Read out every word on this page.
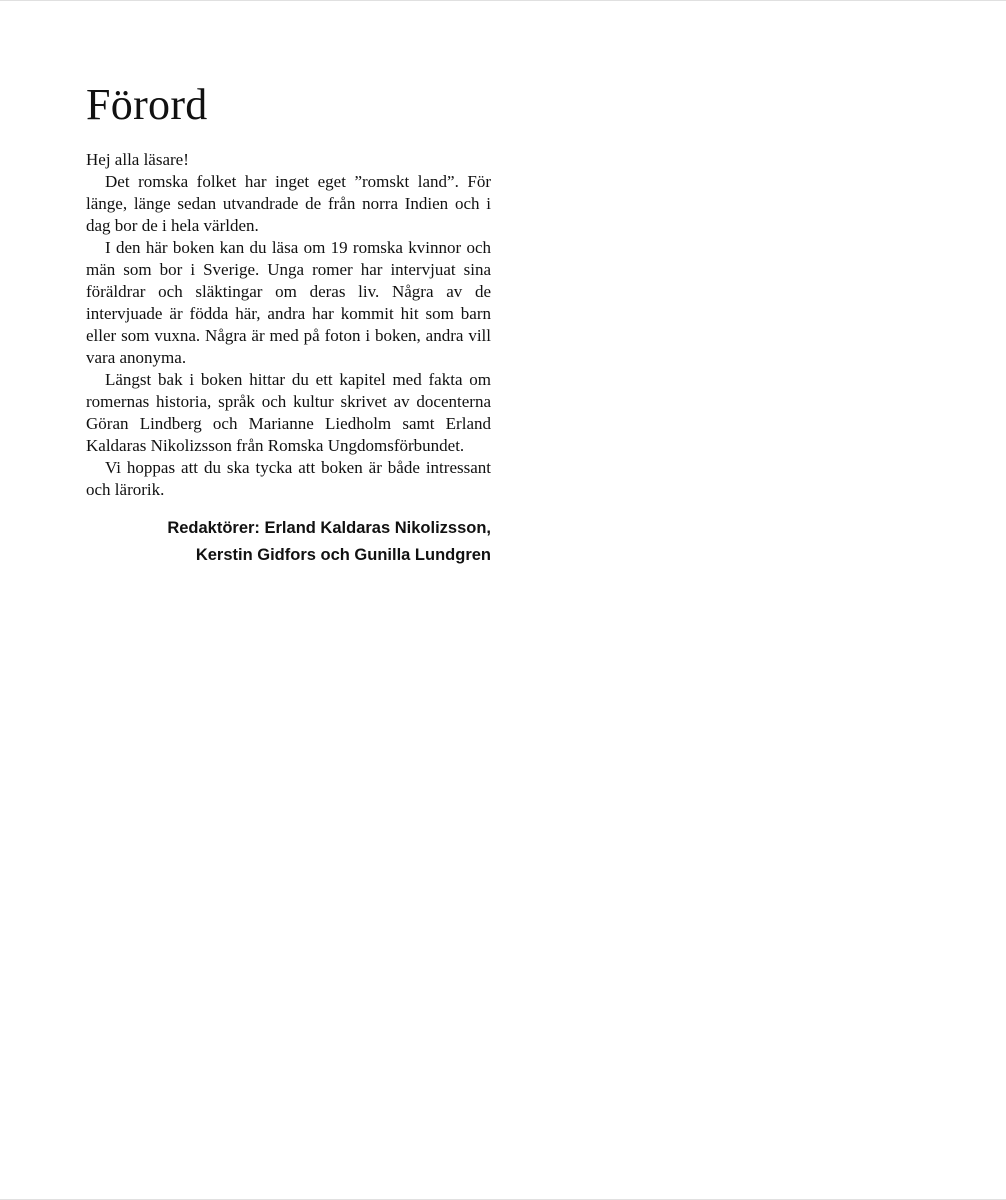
Förord

Hej alla läsare!

Det romska folket har inget eget ”romskt land”. För länge, länge sedan utvandrade de från norra Indien och i dag bor de i hela världen.

I den här boken kan du läsa om 19 romska kvinnor och män som bor i Sverige. Unga romer har intervjuat sina föräldrar och släktingar om deras liv. Några av de intervjuade är födda här, andra har kommit hit som barn eller som vuxna. Några är med på foton i boken, andra vill vara anonyma.

Längst bak i boken hittar du ett kapitel med fakta om romernas historia, språk och kultur skrivet av docenterna Göran Lindberg och Marianne Liedholm samt Erland Kaldaras Nikolizsson från Romska Ungdomsförbundet.

Vi hoppas att du ska tycka att boken är både intressant och lärorik.

Redaktörer: Erland Kaldaras Nikolizsson,
Kerstin Gidfors och Gunilla Lundgren
